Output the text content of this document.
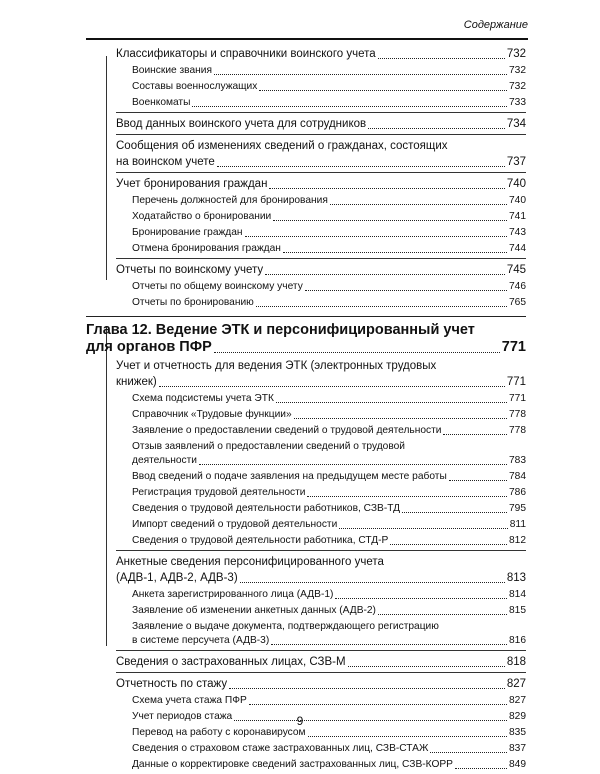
Содержание
Классификаторы и справочники воинского учета	732
Воинские звания	732
Составы военнослужащих	732
Военкоматы	733
Ввод данных воинского учета для сотрудников	734
Сообщения об изменениях сведений о гражданах, состоящих
на воинском учете	737
Учет бронирования граждан	740
Перечень должностей для бронирования	740
Ходатайство о бронировании	741
Бронирование граждан	743
Отмена бронирования граждан	744
Отчеты по воинскому учету	745
Отчеты по общему воинскому учету	746
Отчеты по бронированию	765
Глава 12. Ведение ЭТК и персонифицированный учет
для органов ПФР	771
Учет и отчетность для ведения ЭТК (электронных трудовых
книжек)	771
Схема подсистемы учета ЭТК	771
Справочник «Трудовые функции»	778
Заявление о предоставлении сведений о трудовой деятельности	778
Отзыв заявлений о предоставлении сведений о трудовой
деятельности	783
Ввод сведений о подаче заявления на предыдущем месте работы	784
Регистрация трудовой деятельности	786
Сведения о трудовой деятельности работников, СЗВ-ТД	795
Импорт сведений о трудовой деятельности	811
Сведения о трудовой деятельности работника, СТД-Р	812
Анкетные сведения персонифицированного учета
(АДВ-1, АДВ-2, АДВ-3)	813
Анкета зарегистрированного лица (АДВ-1)	814
Заявление об изменении анкетных данных (АДВ-2)	815
Заявление о выдаче документа, подтверждающего регистрацию
в системе персучета (АДВ-3)	816
Сведения о застрахованных лицах, СЗВ-М	818
Отчетность по стажу	827
Схема учета стажа ПФР	827
Учет периодов стажа	829
Перевод на работу с коронавирусом	835
Сведения о страховом стаже застрахованных лиц, СЗВ-СТАЖ	837
Данные о корректировке сведений застрахованных лиц, СЗВ-КОРР	849
9
